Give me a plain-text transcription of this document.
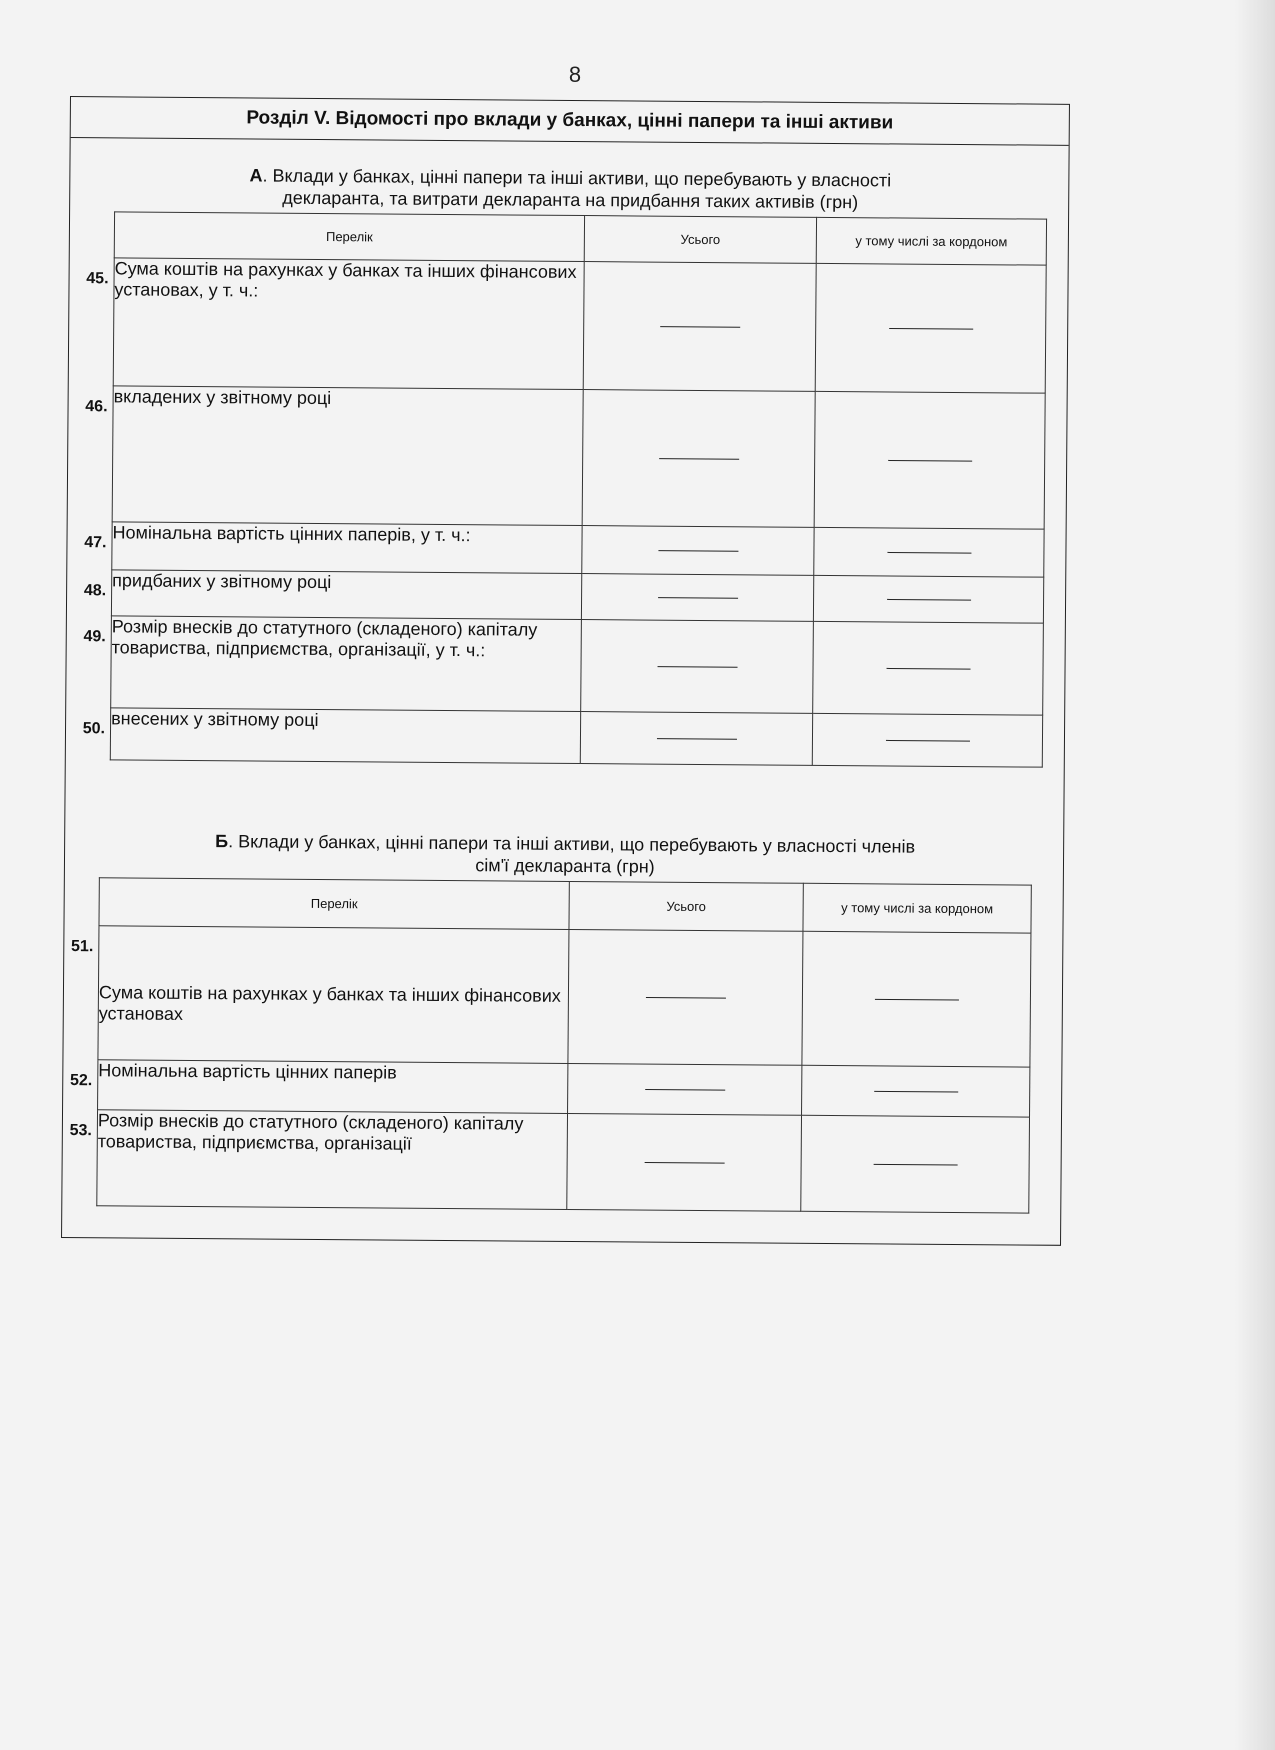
8
Розділ V. Відомості про вклади у банках, цінні папери та інші активи
А. Вклади у банках, цінні папери та інші активи, що перебувають у власності декларанта, та витрати декларанта на придбання таких активів (грн)
Перелік	Усього	у тому числі за кордоном

45. Сума коштів на рахунках у банках та інших фінансових установах, у т. ч.:	

46. вкладених у звітному році	

47. Номінальна вартість цінних паперів, у т. ч.:	

48. придбаних у звітному році	

49. Розмір внесків до статутного (складеного) капіталу товариства, підприємства, організації, у т. ч.:	

50. внесених у звітному році	

Б. Вклади у банках, цінні папери та інші активи, що перебувають у власності членів сім'ї декларанта (грн)
Перелік	Усього	у тому числі за кордоном

51.
Сума коштів на рахунках у банках та інших фінансових установах	

52. Номінальна вартість цінних паперів	

53. Розмір внесків до статутного (складеного) капіталу товариства, підприємства, організації	
